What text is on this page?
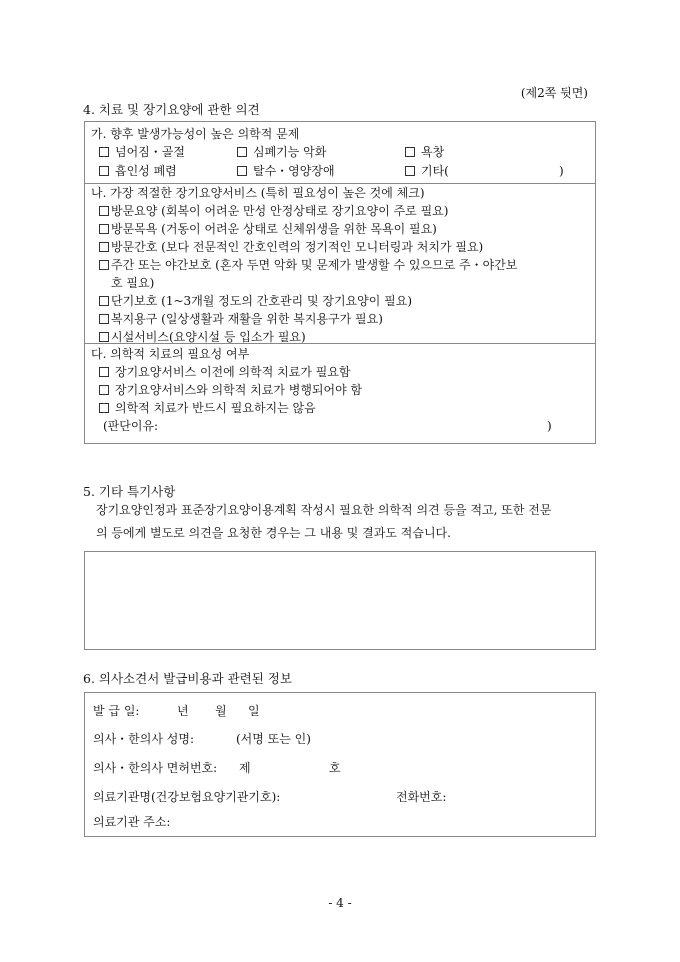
(제2쪽 뒷면)
4. 치료 및 장기요양에 관한 의견
가. 향후 발생가능성이 높은 의학적 문제
넘어짐・골절	심폐기능 악화	욕창
흡인성 폐렴	탈수・영양장애	기타(	)
나. 가장 적절한 장기요양서비스 (특히 필요성이 높은 것에 체크)
방문요양 (회복이 어려운 만성 안정상태로 장기요양이 주로 필요)
방문목욕 (거동이 어려운 상태로 신체위생을 위한 목욕이 필요)
방문간호 (보다 전문적인 간호인력의 정기적인 모니터링과 처치가 필요)
주간 또는 야간보호 (혼자 두면 악화 및 문제가 발생할 수 있으므로 주・야간보
호 필요)
단기보호 (1~3개월 정도의 간호관리 및 장기요양이 필요)
복지용구 (일상생활과 재활을 위한 복지용구가 필요)
시설서비스(요양시설 등 입소가 필요)
다. 의학적 치료의 필요성 여부
장기요양서비스 이전에 의학적 치료가 필요함
장기요양서비스와 의학적 치료가 병행되어야 함
의학적 치료가 반드시 필요하지는 않음
(판단이유:	)
5. 기타 특기사항
장기요양인정과 표준장기요양이용계획 작성시 필요한 의학적 의견 등을 적고, 또한 전문
의 등에게 별도로 의견을 요청한 경우는 그 내용 및 결과도 적습니다.
6. 의사소견서 발급비용과 관련된 정보
발 급 일:	년 월 일
의사・한의사 성명:	(서명 또는 인)
의사・한의사 면허번호: 제	호
의료기관명(건강보험요양기관기호):	전화번호:
의료기관 주소:
- 4 -
